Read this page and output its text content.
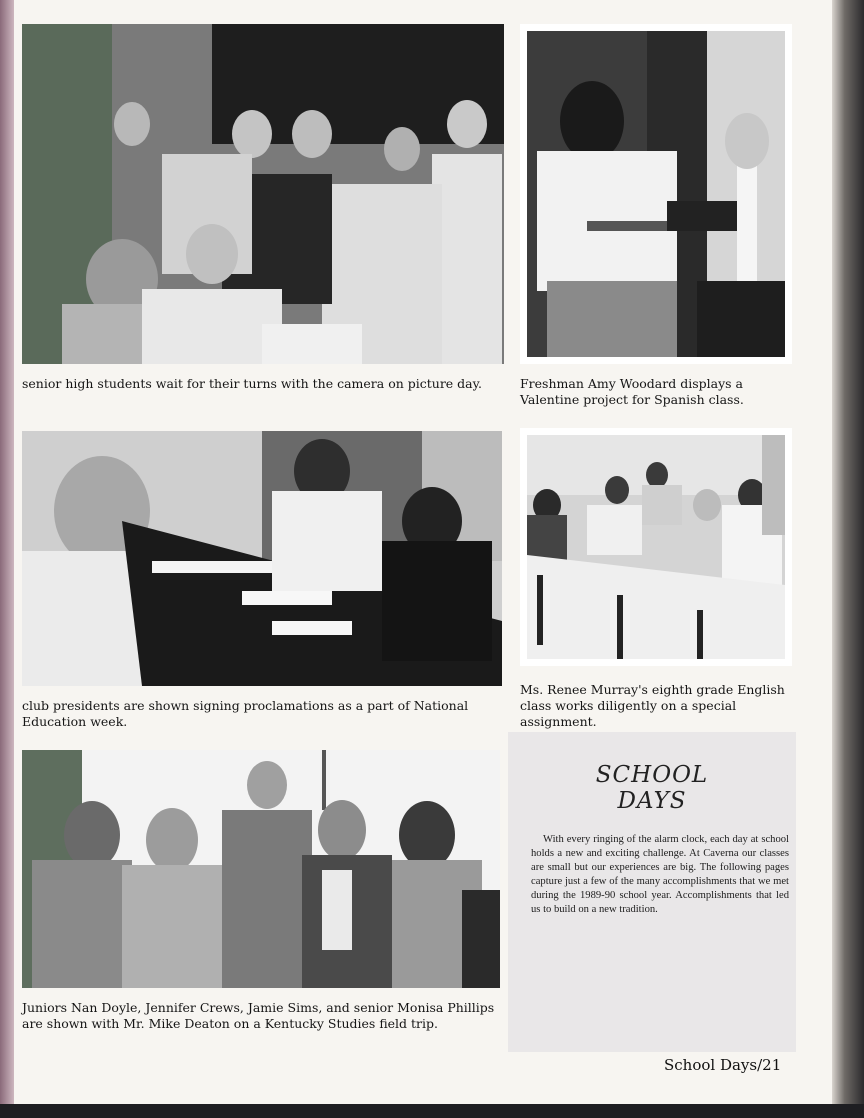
senior high students wait for their turns with the camera on picture day.	Freshman Amy Woodard displays a Valentine project for Spanish class.
club presidents are shown signing proclamations as a part of National Education week.
Ms. Renee Murray's eighth grade English class works diligently on a special assignment.
Juniors Nan Doyle, Jennifer Crews, Jamie Sims, and senior Monisa Phillips are shown with Mr. Mike Deaton on a Kentucky Studies field trip.
SCHOOL
DAYS
With every ringing of the alarm clock, each day at school holds a new and exciting challenge. At Caverna our classes are small but our experiences are big. The following pages capture just a few of the many accomplishments that we met during the 1989-90 school year. Accomplishments that led us to build on a new tradition.
School Days/21
